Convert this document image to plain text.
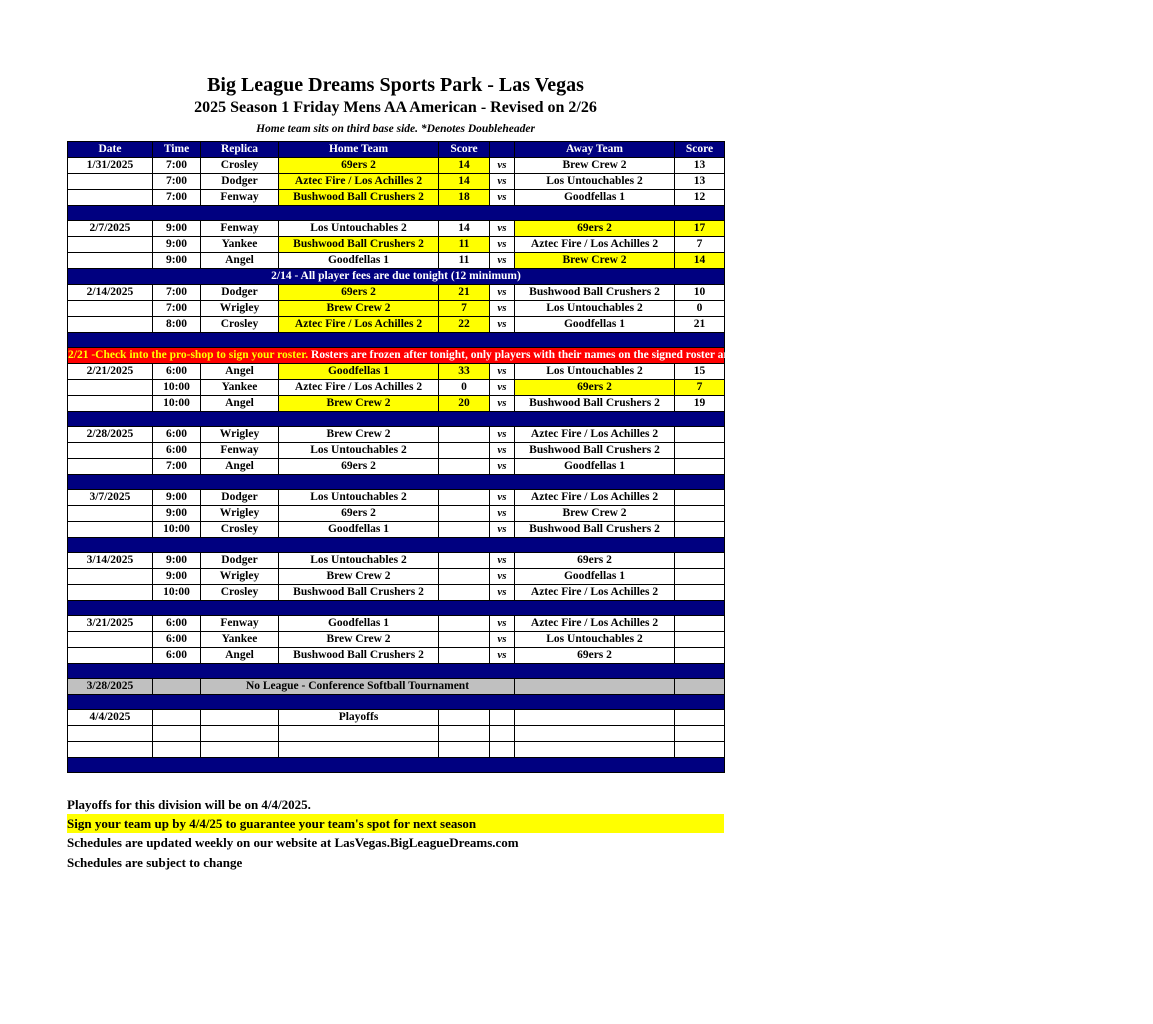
Big League Dreams Sports Park - Las Vegas
2025 Season 1 Friday Mens AA American - Revised on 2/26
Home team sits on third base side. *Denotes Doubleheader
Date	Time	Replica	Home Team	Score		Away Team	Score
1/31/2025	7:00	Crosley	69ers 2	14	vs	Brew Crew 2	13
	7:00	Dodger	Aztec Fire / Los Achilles 2	14	vs	Los Untouchables 2	13
	7:00	Fenway	Bushwood Ball Crushers 2	18	vs	Goodfellas 1	12

2/7/2025	9:00	Fenway	Los Untouchables 2	14	vs	69ers 2	17
	9:00	Yankee	Bushwood Ball Crushers 2	11	vs	Aztec Fire / Los Achilles 2	7
	9:00	Angel	Goodfellas 1	11	vs	Brew Crew 2	14
2/14 - All player fees are due tonight (12 minimum)							
2/14/2025	7:00	Dodger	69ers 2	21	vs	Bushwood Ball Crushers 2	10
	7:00	Wrigley	Brew Crew 2	7	vs	Los Untouchables 2	0
	8:00	Crosley	Aztec Fire / Los Achilles 2	22	vs	Goodfellas 1	21

2/21 -Check into the pro-shop to sign your roster. Rosters are frozen after tonight, only players with their names on the signed roster are eligible for playoffs. Please check carefully as changes will not be made for omissions.							
2/21/2025	6:00	Angel	Goodfellas 1	33	vs	Los Untouchables 2	15
	10:00	Yankee	Aztec Fire / Los Achilles 2	0	vs	69ers 2	7
	10:00	Angel	Brew Crew 2	20	vs	Bushwood Ball Crushers 2	19

2/28/2025	6:00	Wrigley	Brew Crew 2		vs	Aztec Fire / Los Achilles 2	
	6:00	Fenway	Los Untouchables 2		vs	Bushwood Ball Crushers 2	
	7:00	Angel	69ers 2		vs	Goodfellas 1	

3/7/2025	9:00	Dodger	Los Untouchables 2		vs	Aztec Fire / Los Achilles 2	
	9:00	Wrigley	69ers 2		vs	Brew Crew 2	
	10:00	Crosley	Goodfellas 1		vs	Bushwood Ball Crushers 2	

3/14/2025	9:00	Dodger	Los Untouchables 2		vs	69ers 2	
	9:00	Wrigley	Brew Crew 2		vs	Goodfellas 1	
	10:00	Crosley	Bushwood Ball Crushers 2		vs	Aztec Fire / Los Achilles 2	

3/21/2025	6:00	Fenway	Goodfellas 1		vs	Aztec Fire / Los Achilles 2	
	6:00	Yankee	Brew Crew 2		vs	Los Untouchables 2	
	6:00	Angel	Bushwood Ball Crushers 2		vs	69ers 2	

3/28/2025		No League - Conference Softball Tournament					

4/4/2025			Playoffs				

Playoffs for this division will be on 4/4/2025.
Sign your team up by 4/4/25 to guarantee your team's spot for next season
Schedules are updated weekly on our website at LasVegas.BigLeagueDreams.com
Schedules are subject to change
